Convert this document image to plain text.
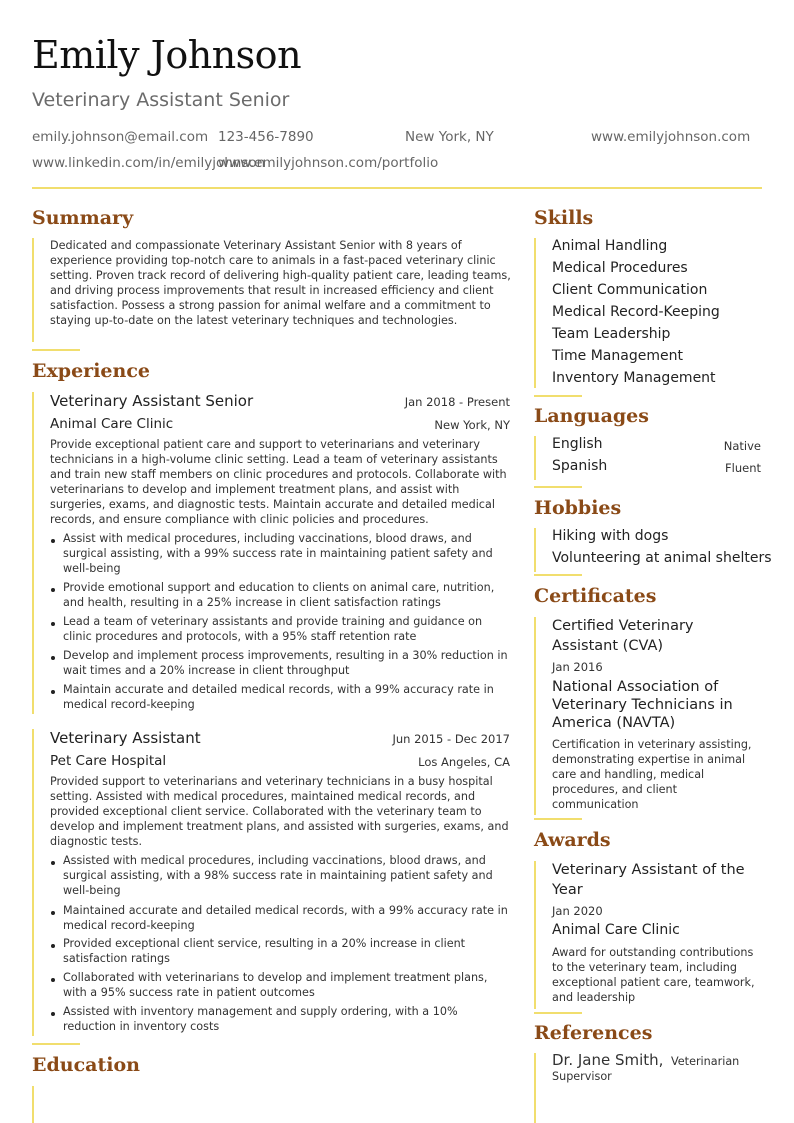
Emily Johnson
Veterinary Assistant Senior
emily.johnson@email.com 123-456-7890	New York, NY	www.emilyjohnson.com
www.linkedin.com/in/emilyjohnson
www.emilyjohnson.com/portfolio
Summary
Dedicated and compassionate Veterinary Assistant Senior with 8 years of experience providing top-notch care to animals in a fast-paced veterinary clinic setting. Proven track record of delivering high-quality patient care, leading teams, and driving process improvements that result in increased efficiency and client satisfaction. Possess a strong passion for animal welfare and a commitment to staying up-to-date on the latest veterinary techniques and technologies.
Experience
Veterinary Assistant Senior	Jan 2018 - Present
Animal Care Clinic	New York, NY
Provide exceptional patient care and support to veterinarians and veterinary technicians in a high-volume clinic setting. Lead a team of veterinary assistants and train new staff members on clinic procedures and protocols. Collaborate with veterinarians to develop and implement treatment plans, and assist with surgeries, exams, and diagnostic tests. Maintain accurate and detailed medical records, and ensure compliance with clinic policies and procedures.
Assist with medical procedures, including vaccinations, blood draws, and surgical assisting, with a 99% success rate in maintaining patient safety and well-being
Provide emotional support and education to clients on animal care, nutrition, and health, resulting in a 25% increase in client satisfaction ratings
Lead a team of veterinary assistants and provide training and guidance on clinic procedures and protocols, with a 95% staff retention rate
Develop and implement process improvements, resulting in a 30% reduction in wait times and a 20% increase in client throughput
Maintain accurate and detailed medical records, with a 99% accuracy rate in medical record-keeping
Veterinary Assistant	Jun 2015 - Dec 2017
Pet Care Hospital	Los Angeles, CA
Provided support to veterinarians and veterinary technicians in a busy hospital setting. Assisted with medical procedures, maintained medical records, and provided exceptional client service. Collaborated with the veterinary team to develop and implement treatment plans, and assisted with surgeries, exams, and diagnostic tests.
Assisted with medical procedures, including vaccinations, blood draws, and surgical assisting, with a 98% success rate in maintaining patient safety and well-being
Maintained accurate and detailed medical records, with a 99% accuracy rate in medical record-keeping
Provided exceptional client service, resulting in a 20% increase in client satisfaction ratings
Collaborated with veterinarians to develop and implement treatment plans, with a 95% success rate in patient outcomes
Assisted with inventory management and supply ordering, with a 10% reduction in inventory costs
Education
Skills
Animal Handling
Medical Procedures
Client Communication
Medical Record-Keeping
Team Leadership
Time Management
Inventory Management
Languages
English	Native
Spanish	Fluent
Hobbies
Hiking with dogs
Volunteering at animal shelters
Certificates
Certified Veterinary Assistant (CVA)
Jan 2016
National Association of Veterinary Technicians in America (NAVTA)
Certification in veterinary assisting, demonstrating expertise in animal care and handling, medical procedures, and client communication
Awards
Veterinary Assistant of the Year
Jan 2020
Animal Care Clinic
Award for outstanding contributions to the veterinary team, including exceptional patient care, teamwork, and leadership
References
Dr. Jane Smith, Veterinarian Supervisor
